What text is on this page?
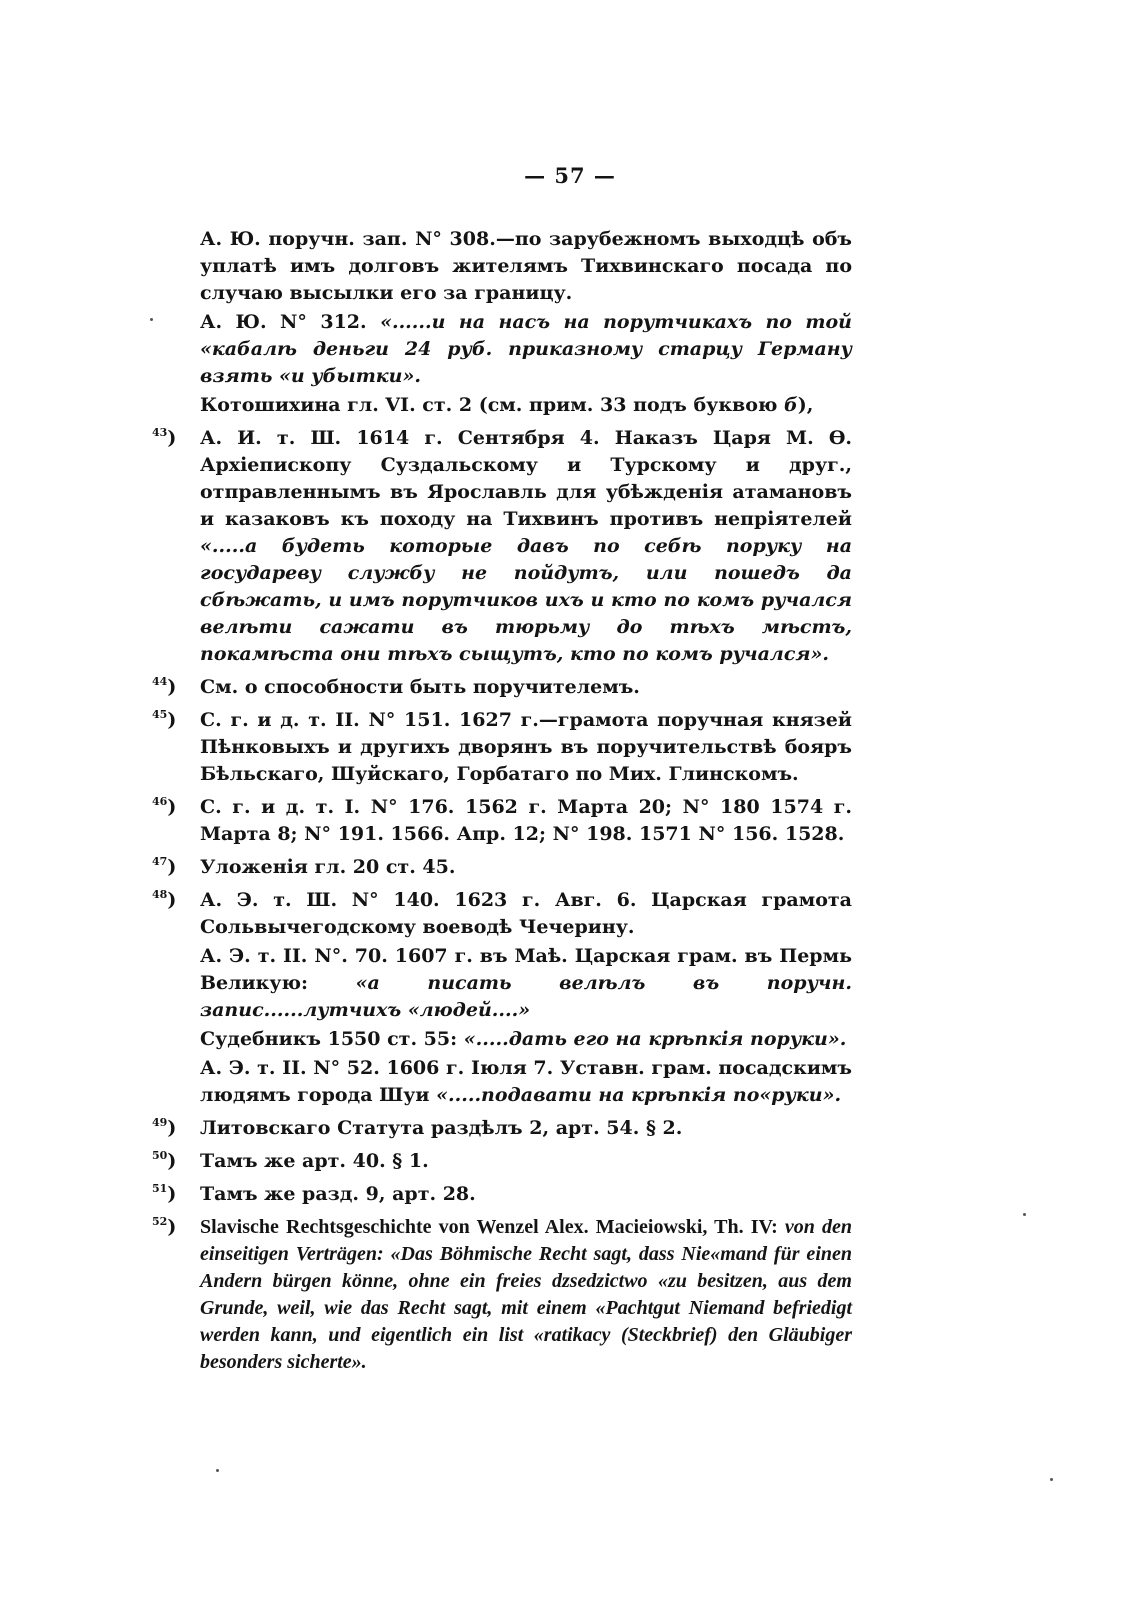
— 57 —

А. Ю. поручн. зап. N° 308.—по зарубежномъ выходцѣ объ уплатѣ имъ долговъ жителямъ Тихвинскаго посада по случаю высылки его за границу.

А. Ю. N° 312. «......и на насъ на порутчикахъ по той «кабалѣ деньги 24 руб. приказному старцу Герману взять «и убытки».

Котошихина гл. VI. ст. 2 (см. прим. 33 подъ буквою б),

$^{43}$) А. И. т. Ш. 1614 г. Сентября 4. Наказъ Царя М. Ѳ. Архіепископу Суздальскому и Турскому и друг., отправленнымъ въ Ярославль для убѣжденія атамановъ и казаковъ къ походу на Тихвинъ противъ непріятелей «.....а будеть которые давъ по себѣ поруку на государеву службу не пойдутъ, или пошедъ да сбѣжать, и имъ порутчиков ихъ и кто по комъ ручался велѣти сажати въ тюрьму до тѣхъ мѣстъ, покамѣста они тѣхъ сыщутъ, кто по комъ ручался».

$^{44}$) См. о способности быть поручителемъ.

$^{45}$) С. г. и д. т. II. N° 151. 1627 г.—грамота поручная князей Пѣнковыхъ и другихъ дворянъ въ поручительствѣ бояръ Бѣльскаго, Шуйскаго, Горбатаго по Мих. Глинскомъ.

$^{46}$) С. г. и д. т. I. N° 176. 1562 г. Марта 20; N° 180 1574 г. Марта 8; N° 191. 1566. Апр. 12; N° 198. 1571 N° 156. 1528.

$^{47}$) Уложенія гл. 20 ст. 45.

$^{48}$) А. Э. т. Ш. N° 140. 1623 г. Авг. 6. Царская грамота Сольвычегодскому воеводѣ Чечерину.

А. Э. т. II. N°. 70. 1607 г. въ Маѣ. Царская грам. въ Пермь Великую: «а писать велѣлъ въ поручн. запис......лутчихъ «людей....»

Судебникъ 1550 ст. 55: «.....дать его на крѣпкія поруки».

А. Э. т. II. N° 52. 1606 г. Іюля 7. Уставн. грам. посадскимъ людямъ города Шуи «.....подавати на крѣпкія по«руки».

$^{49}$) Литовскаго Статута раздѣлъ 2, арт. 54. § 2.

$^{50}$) Тамъ же арт. 40. § 1.

$^{51}$) Тамъ же разд. 9, арт. 28.

$^{52}$) Slavische Rechtsgeschichte von Wenzel Alex. Macieiowski, Th. IV: von den einseitigen Verträgen: «Das Böhmische Recht sagt, dass Nie«mand für einen Andern bürgen könne, ohne ein freies dzsedzictwo «zu besitzen, aus dem Grunde, weil, wie das Recht sagt, mit einem «Pachtgut Niemand befriedigt werden kann, und eigentlich ein list «ratikacy (Steckbrief) den Gläubiger besonders sicherte».
